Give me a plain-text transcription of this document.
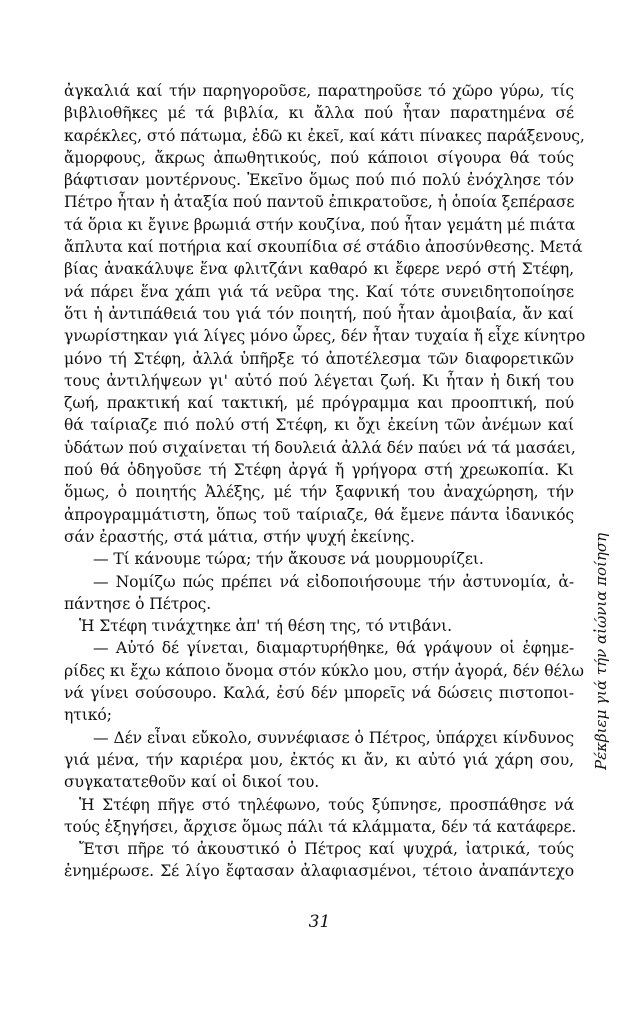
ἀγκαλιά καί τήν παρηγοροῦσε, παρατηροῦσε τό χῶρο γύρω, τίς
βιβλιοθῆκες μέ τά βιβλία, κι ἄλλα πού ἦταν παρατημένα σέ
καρέκλες, στό πάτωμα, ἐδῶ κι ἐκεῖ, καί κάτι πίνακες παράξενους,
ἄμορφους, ἄκρως ἀπωθητικούς, πού κάποιοι σίγουρα θά τούς
βάφτισαν μοντέρνους. Ἐκεῖνο ὅμως πού πιό πολύ ἐνόχλησε τόν
Πέτρο ἦταν ἡ ἀταξία πού παντοῦ ἐπικρατοῦσε, ἡ ὁποία ξεπέρασε
τά ὅρια κι ἔγινε βρωμιά στήν κουζίνα, πού ἦταν γεμάτη μέ πιάτα
ἄπλυτα καί ποτήρια καί σκουπίδια σέ στάδιο ἀποσύνθεσης. Μετά
βίας ἀνακάλυψε ἕνα φλιτζάνι καθαρό κι ἔφερε νερό στή Στέφη,
νά πάρει ἕνα χάπι γιά τά νεῦρα της. Καί τότε συνειδητοποίησε
ὅτι ἡ ἀντιπάθειά του γιά τόν ποιητή, πού ἦταν ἀμοιβαία, ἄν καί
γνωρίστηκαν γιά λίγες μόνο ὧρες, δέν ἦταν τυχαία ἤ εἶχε κίνητρο
μόνο τή Στέφη, ἀλλά ὑπῆρξε τό ἀποτέλεσμα τῶν διαφορετικῶν
τους ἀντιλήψεων γι' αὐτό πού λέγεται ζωή. Κι ἦταν ἡ δική του
ζωή, πρακτική καί τακτική, μέ πρόγραμμα και προοπτική, πού
θά ταίριαζε πιό πολύ στή Στέφη, κι ὄχι ἐκείνη τῶν ἀνέμων καί
ὑδάτων πού σιχαίνεται τή δουλειά ἀλλά δέν παύει νά τά μασάει,
πού θά ὁδηγοῦσε τή Στέφη ἀργά ἤ γρήγορα στή χρεωκοπία. Κι
ὅμως, ὁ ποιητής Ἀλέξης, μέ τήν ξαφνική του ἀναχώρηση, τήν
ἀπρογραμμάτιστη, ὅπως τοῦ ταίριαζε, θά ἔμενε πάντα ἰδανικός
σάν ἐραστής, στά μάτια, στήν ψυχή ἐκείνης.
— Τί κάνουμε τώρα; τήν ἄκουσε νά μουρμουρίζει.
— Νομίζω πώς πρέπει νά εἰδοποιήσουμε τήν ἀστυνομία, ἀ-
πάντησε ὁ Πέτρος.
Ἡ Στέφη τινάχτηκε ἀπ' τή θέση της, τό ντιβάνι.
— Αὐτό δέ γίνεται, διαμαρτυρήθηκε, θά γράψουν οἱ ἐφημε-
ρίδες κι ἔχω κάποιο ὄνομα στόν κύκλο μου, στήν ἀγορά, δέν θέλω
νά γίνει σούσουρο. Καλά, ἐσύ δέν μπορεῖς νά δώσεις πιστοποι-
ητικό;
— Δέν εἶναι εὔκολο, συννέφιασε ὁ Πέτρος, ὑπάρχει κίνδυνος
γιά μένα, τήν καριέρα μου, ἐκτός κι ἄν, κι αὐτό γιά χάρη σου,
συγκατατεθοῦν καί οἱ δικοί του.
Ἡ Στέφη πῆγε στό τηλέφωνο, τούς ξύπνησε, προσπάθησε νά
τούς ἐξηγήσει, ἄρχισε ὅμως πάλι τά κλάμματα, δέν τά κατάφερε.
Ἔτσι πῆρε τό ἀκουστικό ὁ Πέτρος καί ψυχρά, ἰατρικά, τούς
ἐνημέρωσε. Σέ λίγο ἔφτασαν ἀλαφιασμένοι, τέτοιο ἀναπάντεχο
31
Ρέκβιεμ γιά τήν αἰώνια ποίηση
